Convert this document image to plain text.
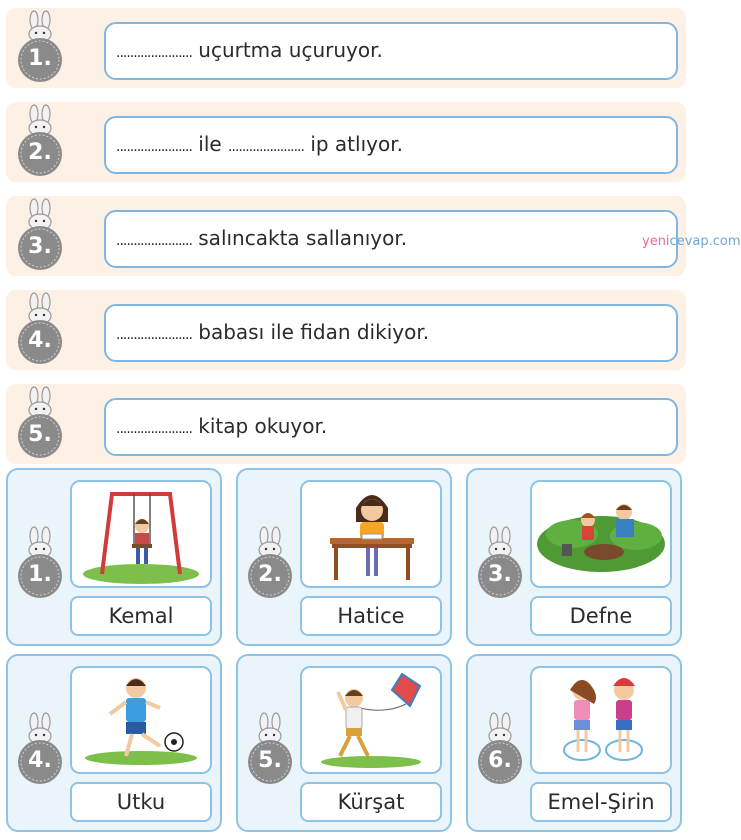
1.	...................... uçurtma uçuruyor.
2.	...................... ile ...................... ip atlıyor.
3.	...................... salıncakta sallanıyor.	yenicevap.com
4.	...................... babası ile fidan dikiyor.
5.	...................... kitap okuyor.
1.
Kemal
2.
Hatice
3.
Defne
4.
Utku
5.
Kürşat
6.
Emel-Şirin
